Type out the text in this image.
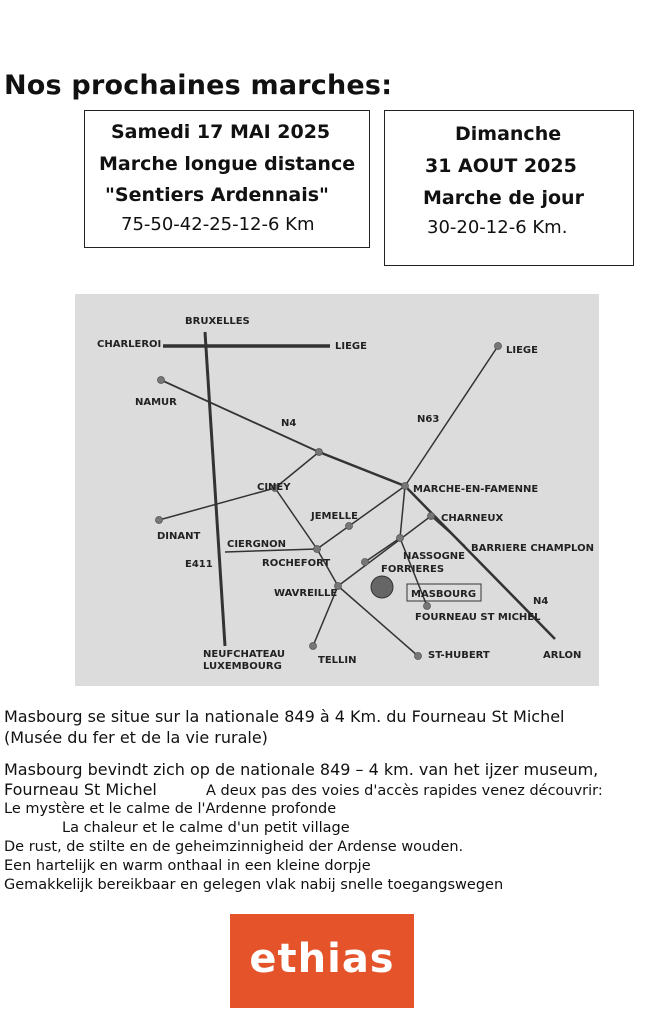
Nos prochaines marches:
Samedi 17 MAI 2025
Marche longue distance
"Sentiers Ardennais"
75-50-42-25-12-6 Km
Dimanche
31 AOUT 2025
Marche de jour
30-20-12-6 Km.
BRUXELLES
CHARLEROI	LIEGE	LIEGE
NAMUR
N4	N63
CINEY	MARCHE-EN-FAMENNE
JEMELLE	CHARNEUX
DINANT
CIERGNON
NASSOGNE
BARRIERE CHAMPLON
E411	ROCHEFORT
FORRIERES
WAVREILLE	MASBOURG
N4
FOURNEAU ST MICHEL
NEUFCHATEAU
LUXEMBOURG
TELLIN	ST-HUBERT	ARLON
Masbourg se situe sur la nationale 849 à 4 Km. du Fourneau St Michel
(Musée du fer et de la vie rurale)
Masbourg bevindt zich op de nationale 849 – 4 km. van het ijzer museum,
Fourneau St Michel	A deux pas des voies d'accès rapides venez découvrir:
Le mystère et le calme de l'Ardenne profonde
La chaleur et le calme d'un petit village
De rust, de stilte en de geheimzinnigheid der Ardense wouden.
Een hartelijk en warm onthaal in een kleine dorpje
Gemakkelijk bereikbaar en gelegen vlak nabij snelle toegangswegen
ethias
